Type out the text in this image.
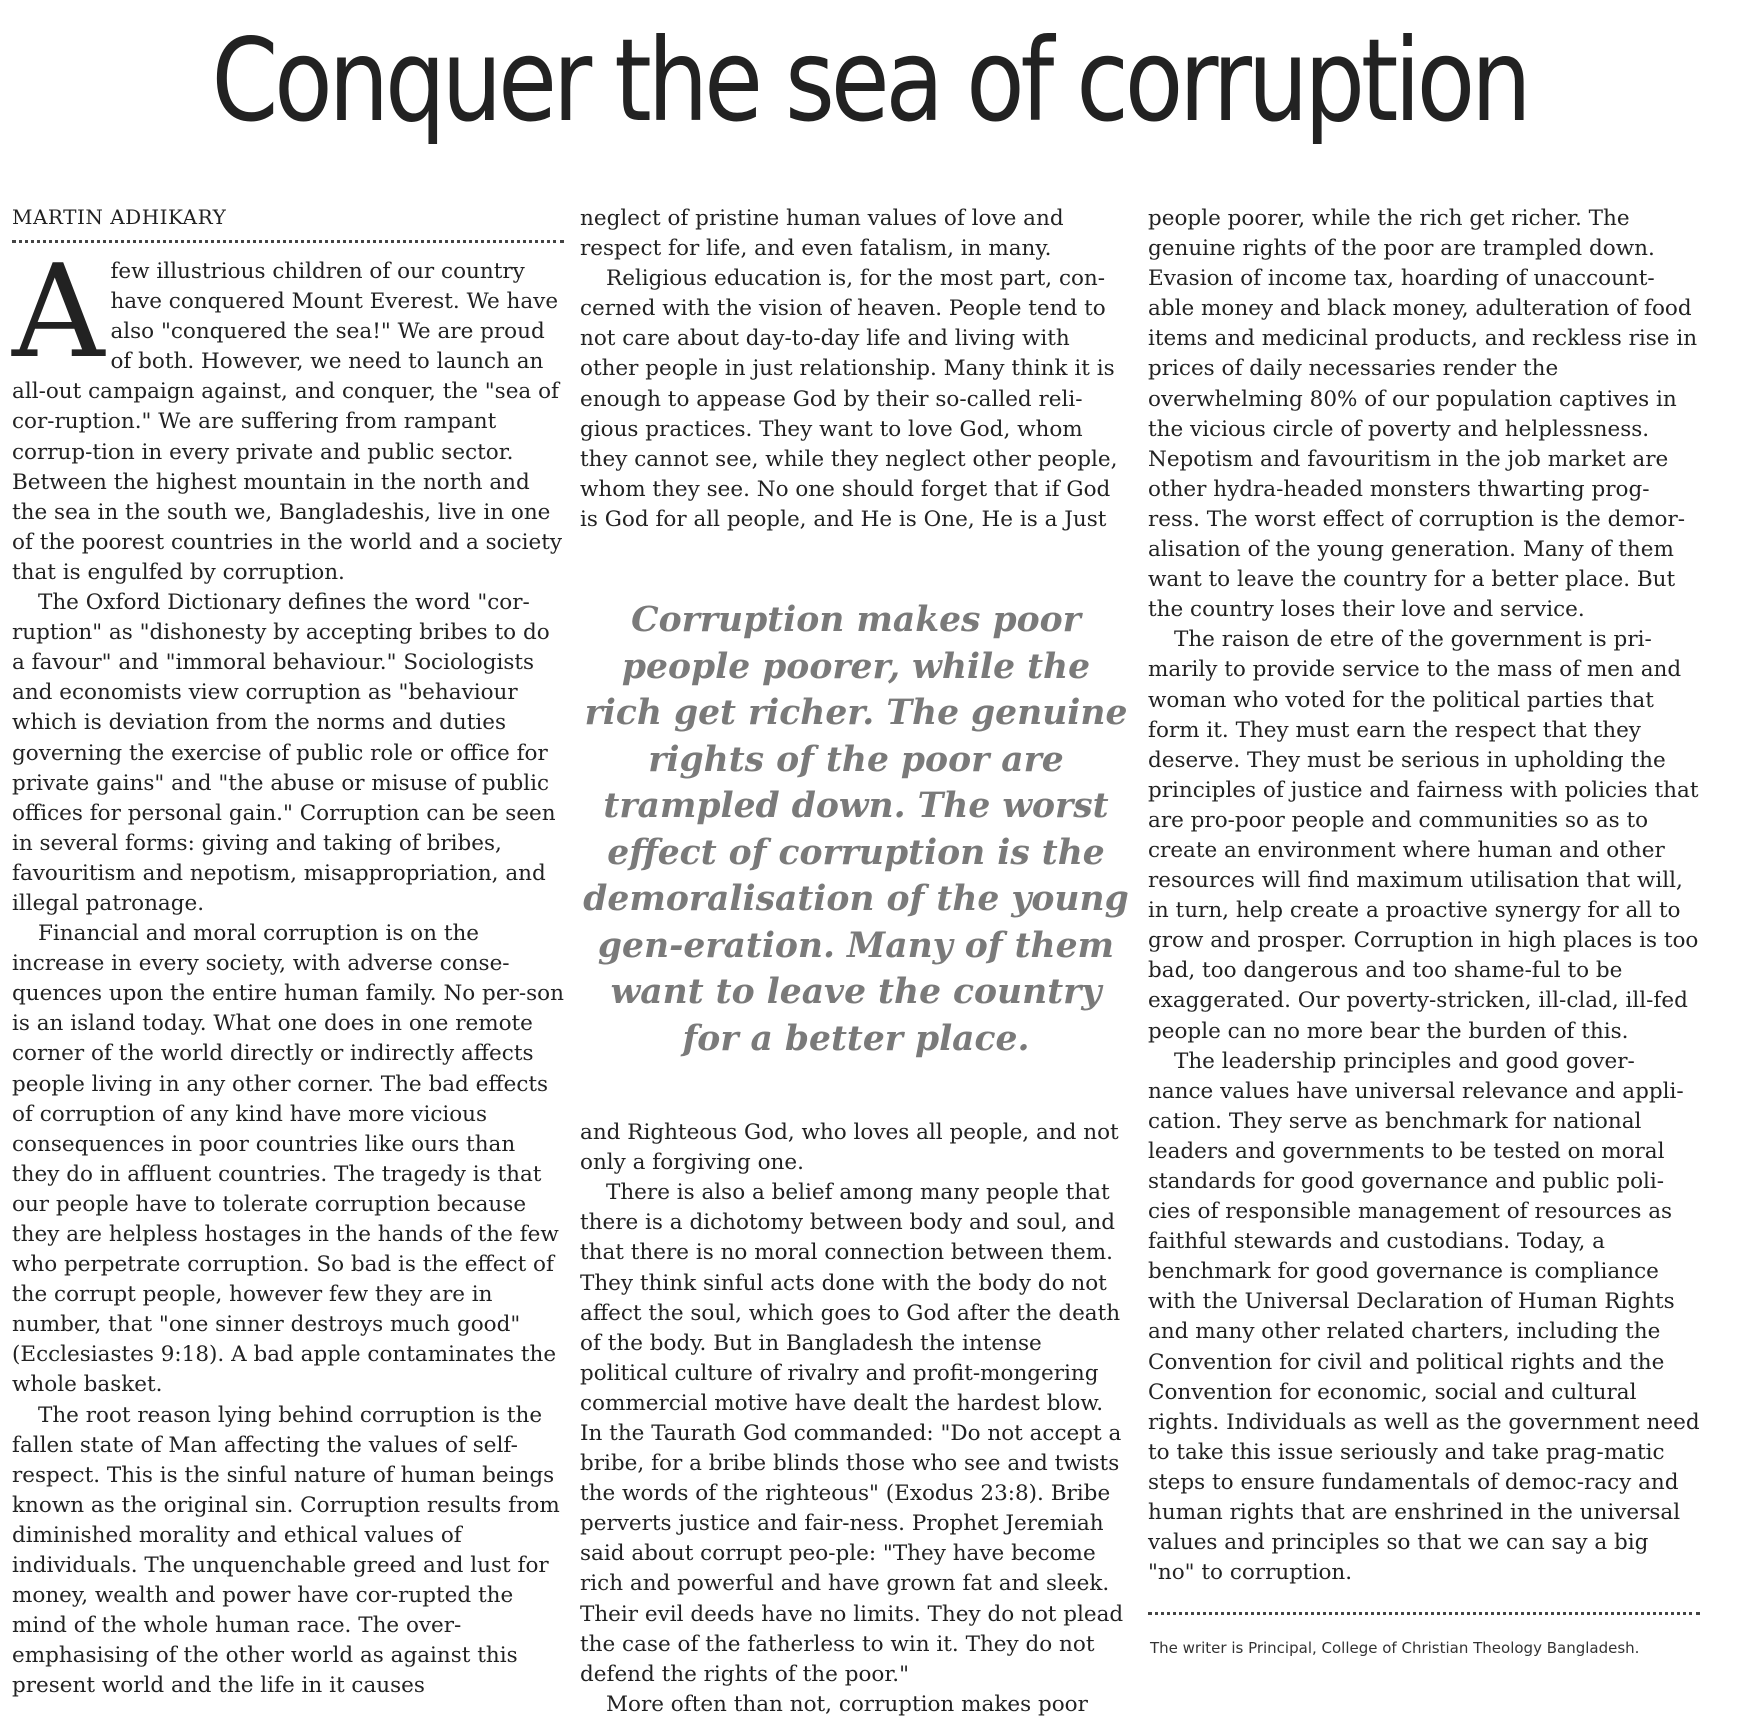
Conquer the sea of corruption
MARTIN ADHIKARY

Afew illustrious children of our country have conquered Mount Everest. We have also "conquered the sea!" We are proud of both. However, we need to launch an all-out campaign against, and conquer, the "sea of cor-ruption." We are suffering from rampant corrup-tion in every private and public sector. Between the highest mountain in the north and the sea in the south we, Bangladeshis, live in one of the poorest countries in the world and a society that is engulfed by corruption.

The Oxford Dictionary defines the word "cor-ruption" as "dishonesty by accepting bribes to do a favour" and "immoral behaviour." Sociologists and economists view corruption as "behaviour which is deviation from the norms and duties governing the exercise of public role or office for private gains" and "the abuse or misuse of public offices for personal gain." Corruption can be seen in several forms: giving and taking of bribes, favouritism and nepotism, misappropriation, and illegal patronage.

Financial and moral corruption is on the increase in every society, with adverse conse-quences upon the entire human family. No per-son is an island today. What one does in one remote corner of the world directly or indirectly affects people living in any other corner. The bad effects of corruption of any kind have more vicious consequences in poor countries like ours than they do in affluent countries. The tragedy is that our people have to tolerate corruption because they are helpless hostages in the hands of the few who perpetrate corruption. So bad is the effect of the corrupt people, however few they are in number, that "one sinner destroys much good" (Ecclesiastes 9:18). A bad apple contaminates the whole basket.

The root reason lying behind corruption is the fallen state of Man affecting the values of self-respect. This is the sinful nature of human beings known as the original sin. Corruption results from diminished morality and ethical values of individuals. The unquenchable greed and lust for money, wealth and power have cor-rupted the mind of the whole human race. The over-emphasising of the other world as against this present world and the life in it causes

neglect of pristine human values of love and respect for life, and even fatalism, in many.

Religious education is, for the most part, con-cerned with the vision of heaven. People tend to not care about day-to-day life and living with other people in just relationship. Many think it is enough to appease God by their so-called reli-gious practices. They want to love God, whom they cannot see, while they neglect other people, whom they see. No one should forget that if God is God for all people, and He is One, He is a Just

Corruption makes poor people poorer, while the rich get richer. The genuine rights of the poor are trampled down. The worst effect of corruption is the demoralisation of the young gen-eration. Many of them want to leave the country for a better place.

and Righteous God, who loves all people, and not only a forgiving one.

There is also a belief among many people that there is a dichotomy between body and soul, and that there is no moral connection between them. They think sinful acts done with the body do not affect the soul, which goes to God after the death of the body. But in Bangladesh the intense political culture of rivalry and profit-mongering commercial motive have dealt the hardest blow. In the Taurath God commanded: "Do not accept a bribe, for a bribe blinds those who see and twists the words of the righteous" (Exodus 23:8). Bribe perverts justice and fair-ness. Prophet Jeremiah said about corrupt peo-ple: "They have become rich and powerful and have grown fat and sleek. Their evil deeds have no limits. They do not plead the case of the fatherless to win it. They do not defend the rights of the poor."

More often than not, corruption makes poor

people poorer, while the rich get richer. The genuine rights of the poor are trampled down. Evasion of income tax, hoarding of unaccount-able money and black money, adulteration of food items and medicinal products, and reckless rise in prices of daily necessaries render the overwhelming 80% of our population captives in the vicious circle of poverty and helplessness. Nepotism and favouritism in the job market are other hydra-headed monsters thwarting prog-ress. The worst effect of corruption is the demor-alisation of the young generation. Many of them want to leave the country for a better place. But the country loses their love and service.

The raison de etre of the government is pri-marily to provide service to the mass of men and woman who voted for the political parties that form it. They must earn the respect that they deserve. They must be serious in upholding the principles of justice and fairness with policies that are pro-poor people and communities so as to create an environment where human and other resources will find maximum utilisation that will, in turn, help create a proactive synergy for all to grow and prosper. Corruption in high places is too bad, too dangerous and too shame-ful to be exaggerated. Our poverty-stricken, ill-clad, ill-fed people can no more bear the burden of this.

The leadership principles and good gover-nance values have universal relevance and appli-cation. They serve as benchmark for national leaders and governments to be tested on moral standards for good governance and public poli-cies of responsible management of resources as faithful stewards and custodians. Today, a benchmark for good governance is compliance with the Universal Declaration of Human Rights and many other related charters, including the Convention for civil and political rights and the Convention for economic, social and cultural rights. Individuals as well as the government need to take this issue seriously and take prag-matic steps to ensure fundamentals of democ-racy and human rights that are enshrined in the universal values and principles so that we can say a big "no" to corruption.

The writer is Principal, College of Christian Theology Bangladesh.
